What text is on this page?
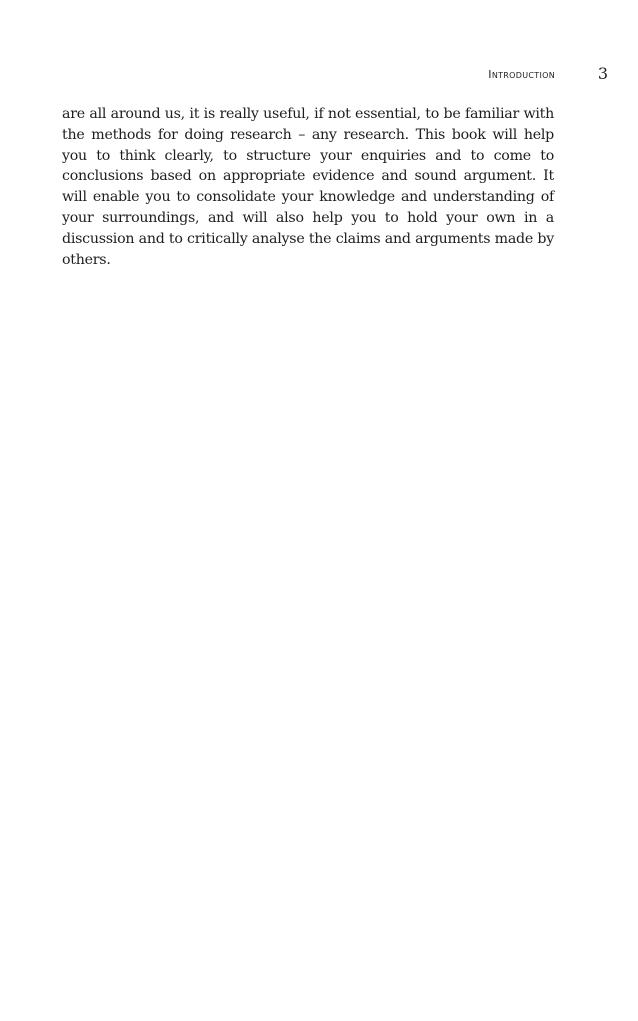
Introduction	3

are all around us, it is really useful, if not essential, to be familiar with the methods for doing research – any research. This book will help you to think clearly, to structure your enquiries and to come to conclusions based on appropriate evidence and sound argument. It will enable you to consolidate your knowledge and understanding of your surroundings, and will also help you to hold your own in a discussion and to critically analyse the claims and arguments made by others.
